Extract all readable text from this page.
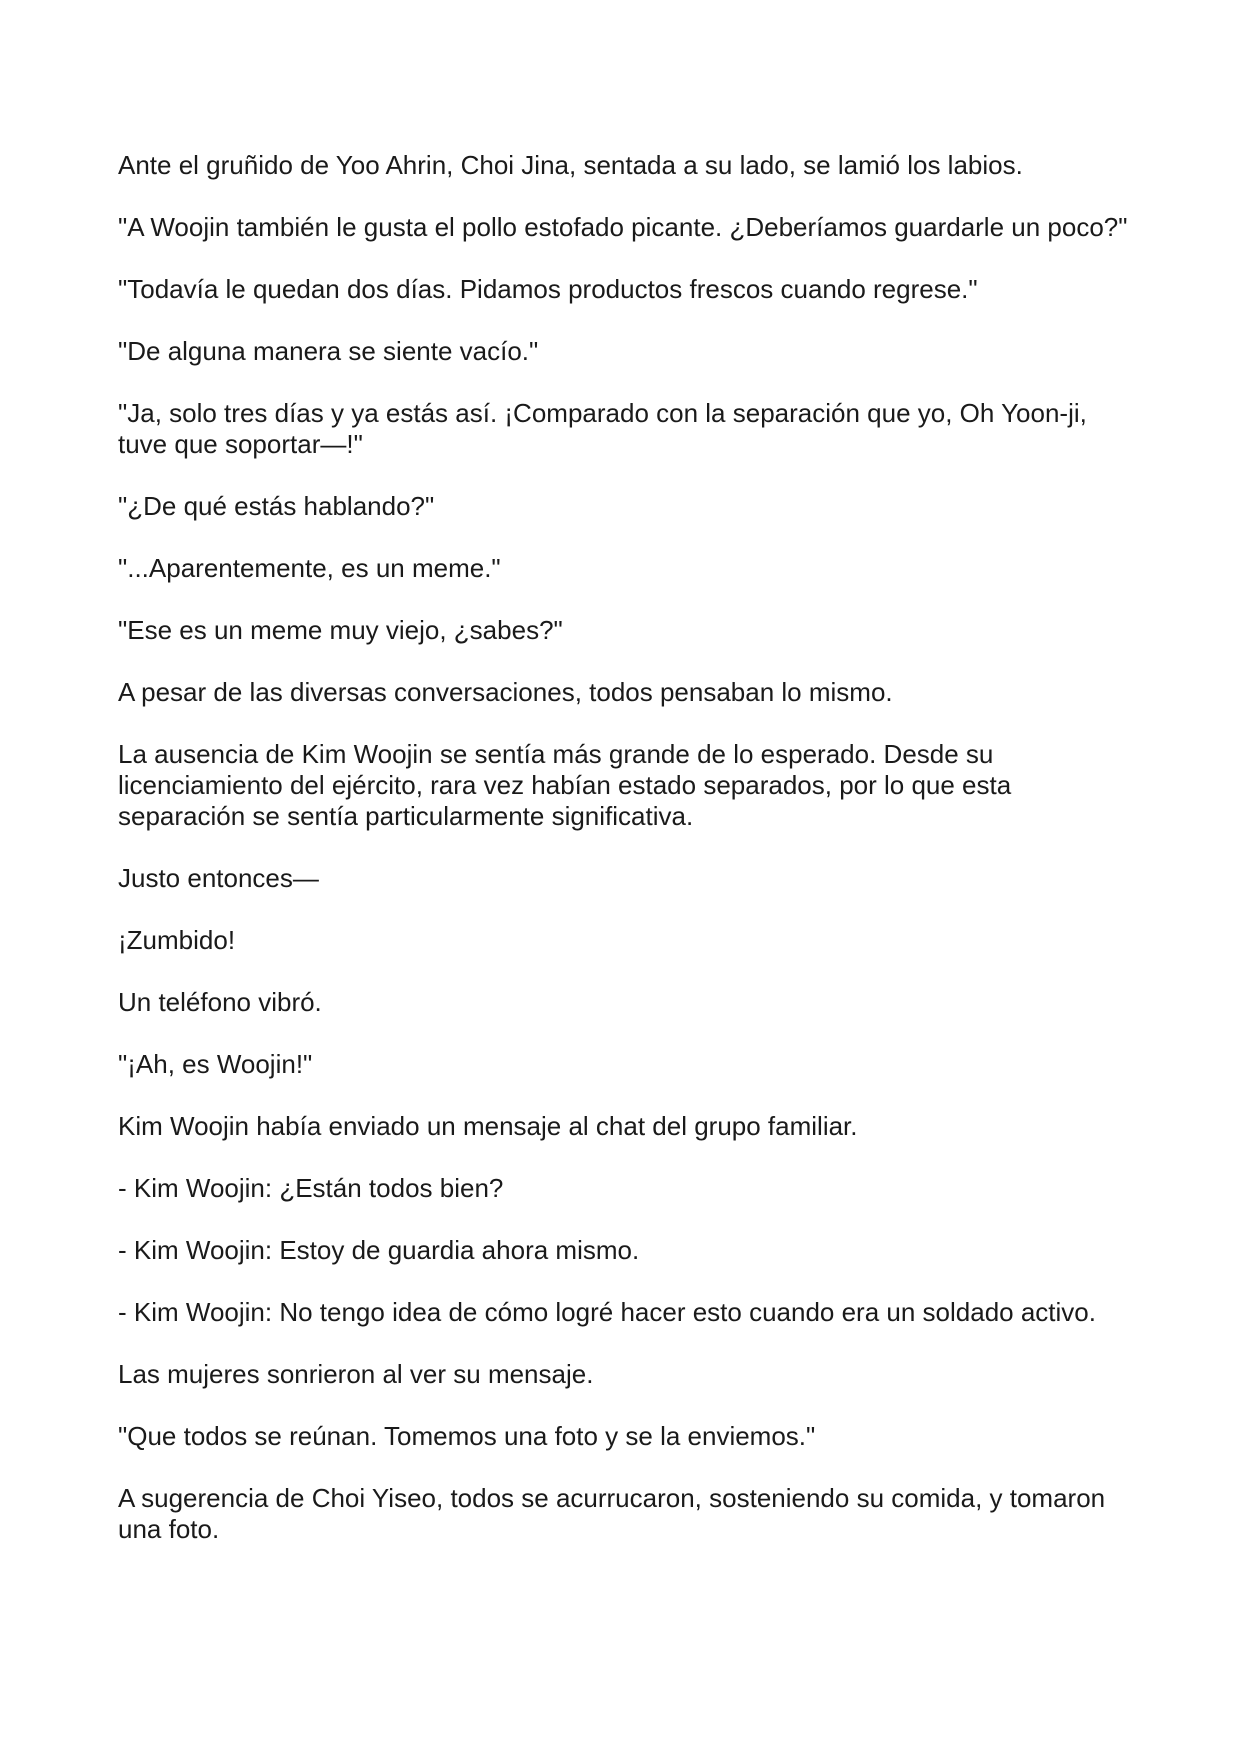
Ante el gruñido de Yoo Ahrin, Choi Jina, sentada a su lado, se lamió los labios.

"A Woojin también le gusta el pollo estofado picante. ¿Deberíamos guardarle un poco?"

"Todavía le quedan dos días. Pidamos productos frescos cuando regrese."

"De alguna manera se siente vacío."

"Ja, solo tres días y ya estás así. ¡Comparado con la separación que yo, Oh Yoon-ji, tuve que soportar—!"

"¿De qué estás hablando?"

"...Aparentemente, es un meme."

"Ese es un meme muy viejo, ¿sabes?"

A pesar de las diversas conversaciones, todos pensaban lo mismo.

La ausencia de Kim Woojin se sentía más grande de lo esperado. Desde su licenciamiento del ejército, rara vez habían estado separados, por lo que esta separación se sentía particularmente significativa.

Justo entonces—

¡Zumbido!

Un teléfono vibró.

"¡Ah, es Woojin!"

Kim Woojin había enviado un mensaje al chat del grupo familiar.

- Kim Woojin: ¿Están todos bien?

- Kim Woojin: Estoy de guardia ahora mismo.

- Kim Woojin: No tengo idea de cómo logré hacer esto cuando era un soldado activo.

Las mujeres sonrieron al ver su mensaje.

"Que todos se reúnan. Tomemos una foto y se la enviemos."

A sugerencia de Choi Yiseo, todos se acurrucaron, sosteniendo su comida, y tomaron una foto.
